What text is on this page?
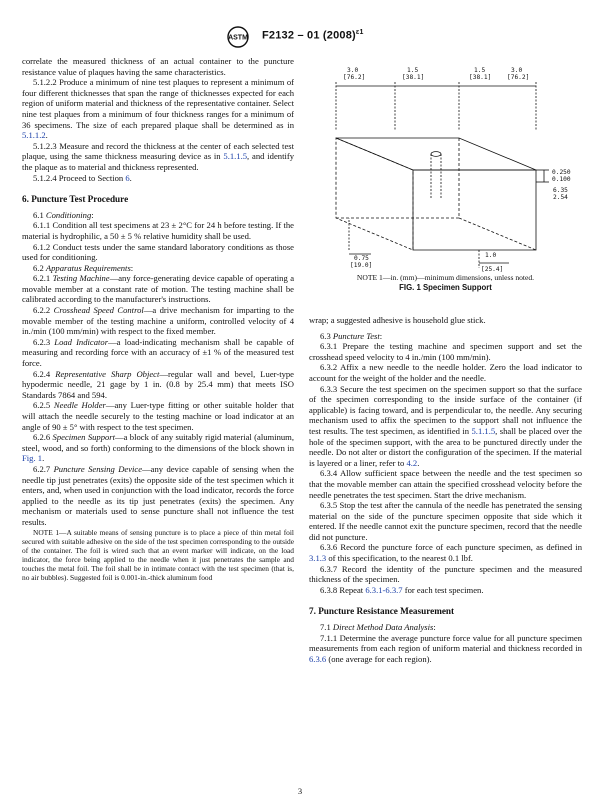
ASTM F2132 – 01 $(2008)^{\varepsilon 1}$

correlate the measured thickness of an actual container to the puncture resistance value of plaques having the same characteristics.

5.1.2.2 Produce a minimum of nine test plaques to represent a minimum of four different thicknesses that span the range of thicknesses expected for each region of uniform material and thickness of the representative container. Select nine test plaques from a minimum of four thickness ranges for a minimum of 36 specimens. The size of each prepared plaque shall be determined as in 5.1.1.2.

5.1.2.3 Measure and record the thickness at the center of each selected test plaque, using the same thickness measuring device as in 5.1.1.5, and identify the plaque as to material and thickness represented.

5.1.2.4 Proceed to Section 6.

6. Puncture Test Procedure

6.1 Conditioning:

6.1.1 Condition all test specimens at 23 ± 2°C for 24 h before testing. If the material is hydrophilic, a 50 ± 5 % relative humidity shall be used.

6.1.2 Conduct tests under the same standard laboratory conditions as those used for conditioning.

6.2 Apparatus Requirements:

6.2.1 Testing Machine—any force-generating device capable of operating a movable member at a constant rate of motion. The testing machine shall be calibrated according to the manufacturer's instructions.

6.2.2 Crosshead Speed Control—a drive mechanism for imparting to the movable member of the testing machine a uniform, controlled velocity of 4 in./min (100 mm/min) with respect to the fixed member.

6.2.3 Load Indicator—a load-indicating mechanism shall be capable of measuring and recording force with an accuracy of ±1 % of the measured test force.

6.2.4 Representative Sharp Object—regular wall and bevel, Luer-type hypodermic needle, 21 gage by 1 in. (0.8 by 25.4 mm) that meets ISO Standards 7864 and 594.

6.2.5 Needle Holder—any Luer-type fitting or other suitable holder that will attach the needle securely to the testing machine or load indicator at an angle of 90 ± 5° with respect to the test specimen.

6.2.6 Specimen Support—a block of any suitably rigid material (aluminum, steel, wood, and so forth) conforming to the dimensions of the block shown in Fig. 1.

6.2.7 Puncture Sensing Device—any device capable of sensing when the needle tip just penetrates (exits) the opposite side of the test specimen which it enters, and, when used in conjunction with the load indicator, records the force applied to the needle as its tip just penetrates (exits) the specimen. Any mechanism or materials used to sense puncture shall not influence the test results.

NOTE 1—A suitable means of sensing puncture is to place a piece of thin metal foil secured with suitable adhesive on the side of the test specimen corresponding to the outside of the container. The foil is wired such that an event marker will indicate, on the load indicator, the force being applied to the needle when it just penetrates the sample and touches the metal foil. The foil shall be in intimate contact with the test specimen (that is, no air bubbles). Suggested foil is 0.001-in.-thick aluminum food

3.0
[76.2]
1.5
[38.1]
1.5
[38.1]
3.0
[76.2]
0.250
0.100
6.35
2.54
0.75
[19.0]
1.0
[25.4]
NOTE 1—in. (mm)—minimum dimensions, unless noted.
FIG. 1 Specimen Support

wrap; a suggested adhesive is household glue stick.

6.3 Puncture Test:

6.3.1 Prepare the testing machine and specimen support and set the crosshead speed velocity to 4 in./min (100 mm/min).

6.3.2 Affix a new needle to the needle holder. Zero the load indicator to account for the weight of the holder and the needle.

6.3.3 Secure the test specimen on the specimen support so that the surface of the specimen corresponding to the inside surface of the container (if applicable) is facing toward, and is perpendicular to, the needle. Any securing mechanism used to affix the specimen to the support shall not influence the test results. The test specimen, as identified in 5.1.1.5, shall be placed over the hole of the specimen support, with the area to be punctured directly under the needle. Do not alter or distort the configuration of the specimen. If the material is layered or a liner, refer to 4.2.

6.3.4 Allow sufficient space between the needle and the test specimen so that the movable member can attain the specified crosshead velocity before the needle penetrates the test specimen. Start the drive mechanism.

6.3.5 Stop the test after the cannula of the needle has penetrated the sensing material on the side of the puncture specimen opposite that side which it entered. If the needle cannot exit the puncture specimen, record that the needle did not puncture.

6.3.6 Record the puncture force of each puncture specimen, as defined in 3.1.3 of this specification, to the nearest 0.1 lbf.

6.3.7 Record the identity of the puncture specimen and the measured thickness of the specimen.

6.3.8 Repeat 6.3.1-6.3.7 for each test specimen.

7. Puncture Resistance Measurement

7.1 Direct Method Data Analysis:

7.1.1 Determine the average puncture force value for all puncture specimen measurements from each region of uniform material and thickness recorded in 6.3.6 (one average for each region).

3
